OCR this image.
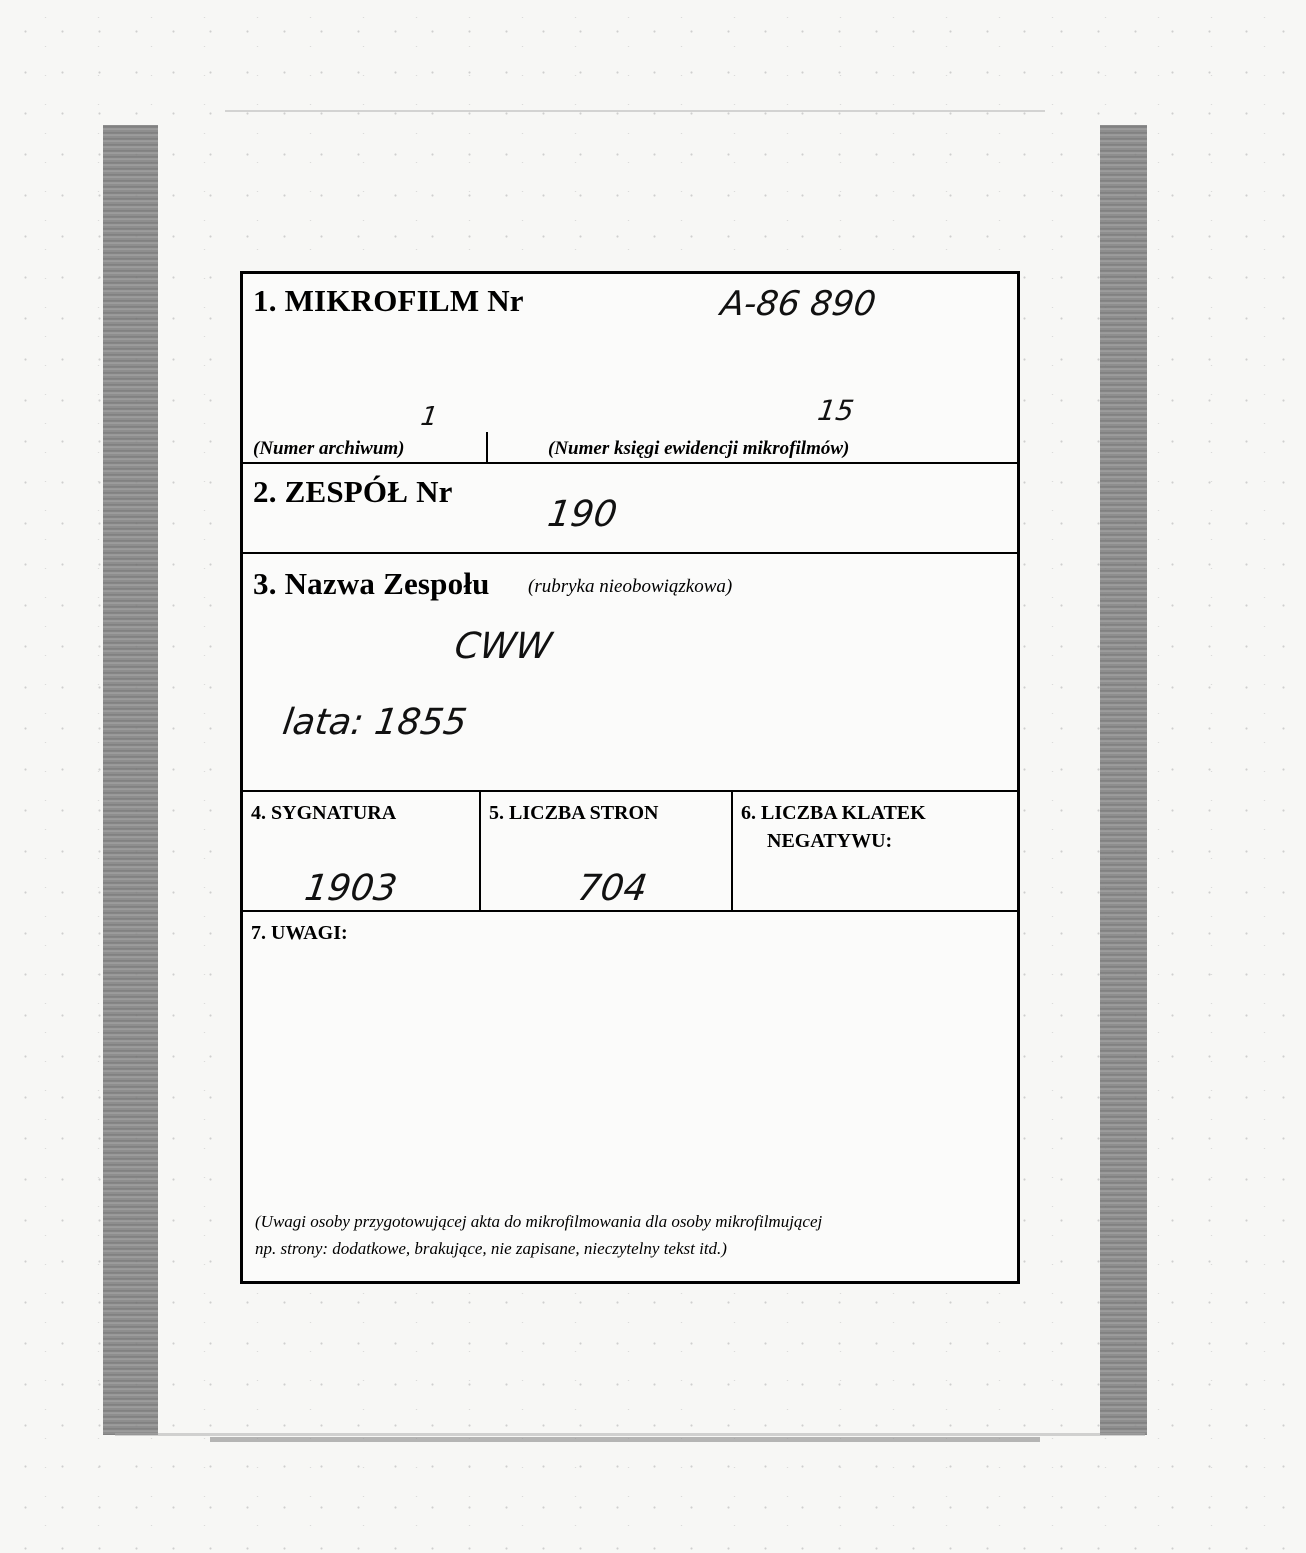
1. MIKROFILM Nr	A-86 890
1	15
(Numer archiwum)	(Numer księgi ewidencji mikrofilmów)
2. ZESPÓŁ Nr
190
3. Nazwa Zespołu (rubryka nieobowiązkowa)
CWW
lata: 1855
4. SYGNATURA
1903
5. LICZBA STRON
704
6. LICZBA KLATEK
NEGATYWU:
7. UWAGI:
(Uwagi osoby przygotowującej akta do mikrofilmowania dla osoby mikrofilmującej
np. strony: dodatkowe, brakujące, nie zapisane, nieczytelny tekst itd.)
